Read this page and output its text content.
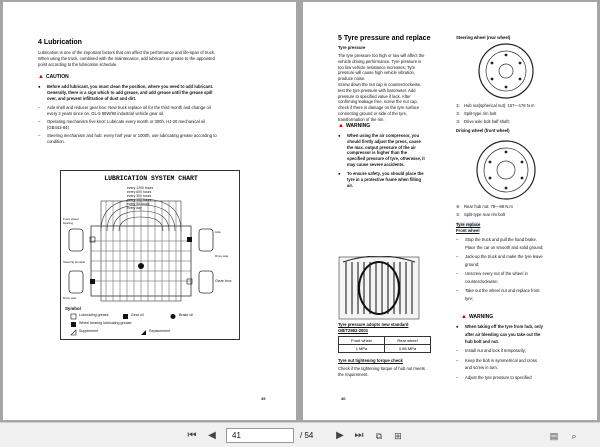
4 Lubrication
Lubrication is one of the important factors that can affect the performance and life-span of truck.
When using the truck, combined with the maintenance, add lubricant or grease to the appointed
point according to the lubrication schedule.
▲ CAUTION
● Before add lubricant, you must clean the position, where you need to add lubricant.
Generally, there is a sign which to add grease, and add grease until the grease spill
over, and prevent infiltration of dust and dirt.
– Axle shell and reducer gear box: New truck replace oil for the third month and change oil
every 2 years since on. GL-5 85W/90 industrial vehicle gear oil.
– Operating mechanism five knot: Lubricate every month or 300h. HJ-20 mechanical oil
(GB443-84)
– Steering mechanism and hub: every harf year or 1000h, use lubricating grease according to
condition.
LUBRICATION SYSTEM CHART
every 1200 hours
every 600 hours
every 300 hours
every 100 hours
every 50 hours
every day
Front wheel bearing
Steering knuckle
Drive axle
Axle
Drive axle
Gear box
Symbol
Lubricating grease	Gear oil	Brake oil
Wheel bearing lubricating grease
Supplement	Replacement
39
5 Tyre pressure and replace
Tyre pressure
The tyre pressure too high or low will affect the
vehicle driving performance. Tyre pressure is
too low vehicle resistance increases; Tyre
pressure will cause high vehicle vibration,
produce noise.
Screw down the nut cap in counterclockwise,
test the tyre pressure with barometer. Add
pressure to specified value if lack. After
confirming leakage free, screw the nut cap,
check if there is damage on the tyre surface
connecting ground or side of the tyre,
transformation of the rim.
▲ WARNING
When using the air compressor, you
should firstly adjust the press, cause
the max. output pressure of the air
compressor is higher than the
specified pressure of tyre, otherwise, it
may cause severe accidents.
To ensure safety, you should place the
tyre in a protective frame when filling
air.
Tyre pressure adopts new standard
GB/T2982-2001
Front wheel	Rear wheel
1 MPa	0.86 MPa
Tyre nut tightening torque check
Check if the tightening torque of hub nut meets
the requirement.
Steering wheel (rear wheel)
① Hub nut(spherical nut): 157—176 N.m
② Split-type rim bolt
③ Drive axle bolt half shaft;
Driving wheel (front wheel)
④ Rear hub nut: 78—98 N.m
⑤ Split-type rear rim bolt
Tyre replace
Front wheel
– Stop the truck and pull the hand brake.
Place the car on smooth and solid ground;
– Jack-up the truck and make the tyre leave
ground;
– Unscrew every nut of the wheel in
counterclockwise;
– Take out the wheel nut and replace front
tyre;
▲ WARNING
When taking off the tyre from hub, only
after air bleeding can you take out the
hub bolt and nut.
– Install nut and lock it temporarily;
– Keep the bolt in symmetrical and cross
and screw in turn.
– Adjust the tyre pressure to specified
40
●
●
●
⏮ ◀	41	/ 54 ▶ ⏭	⧉	⊞	▤	⌕
